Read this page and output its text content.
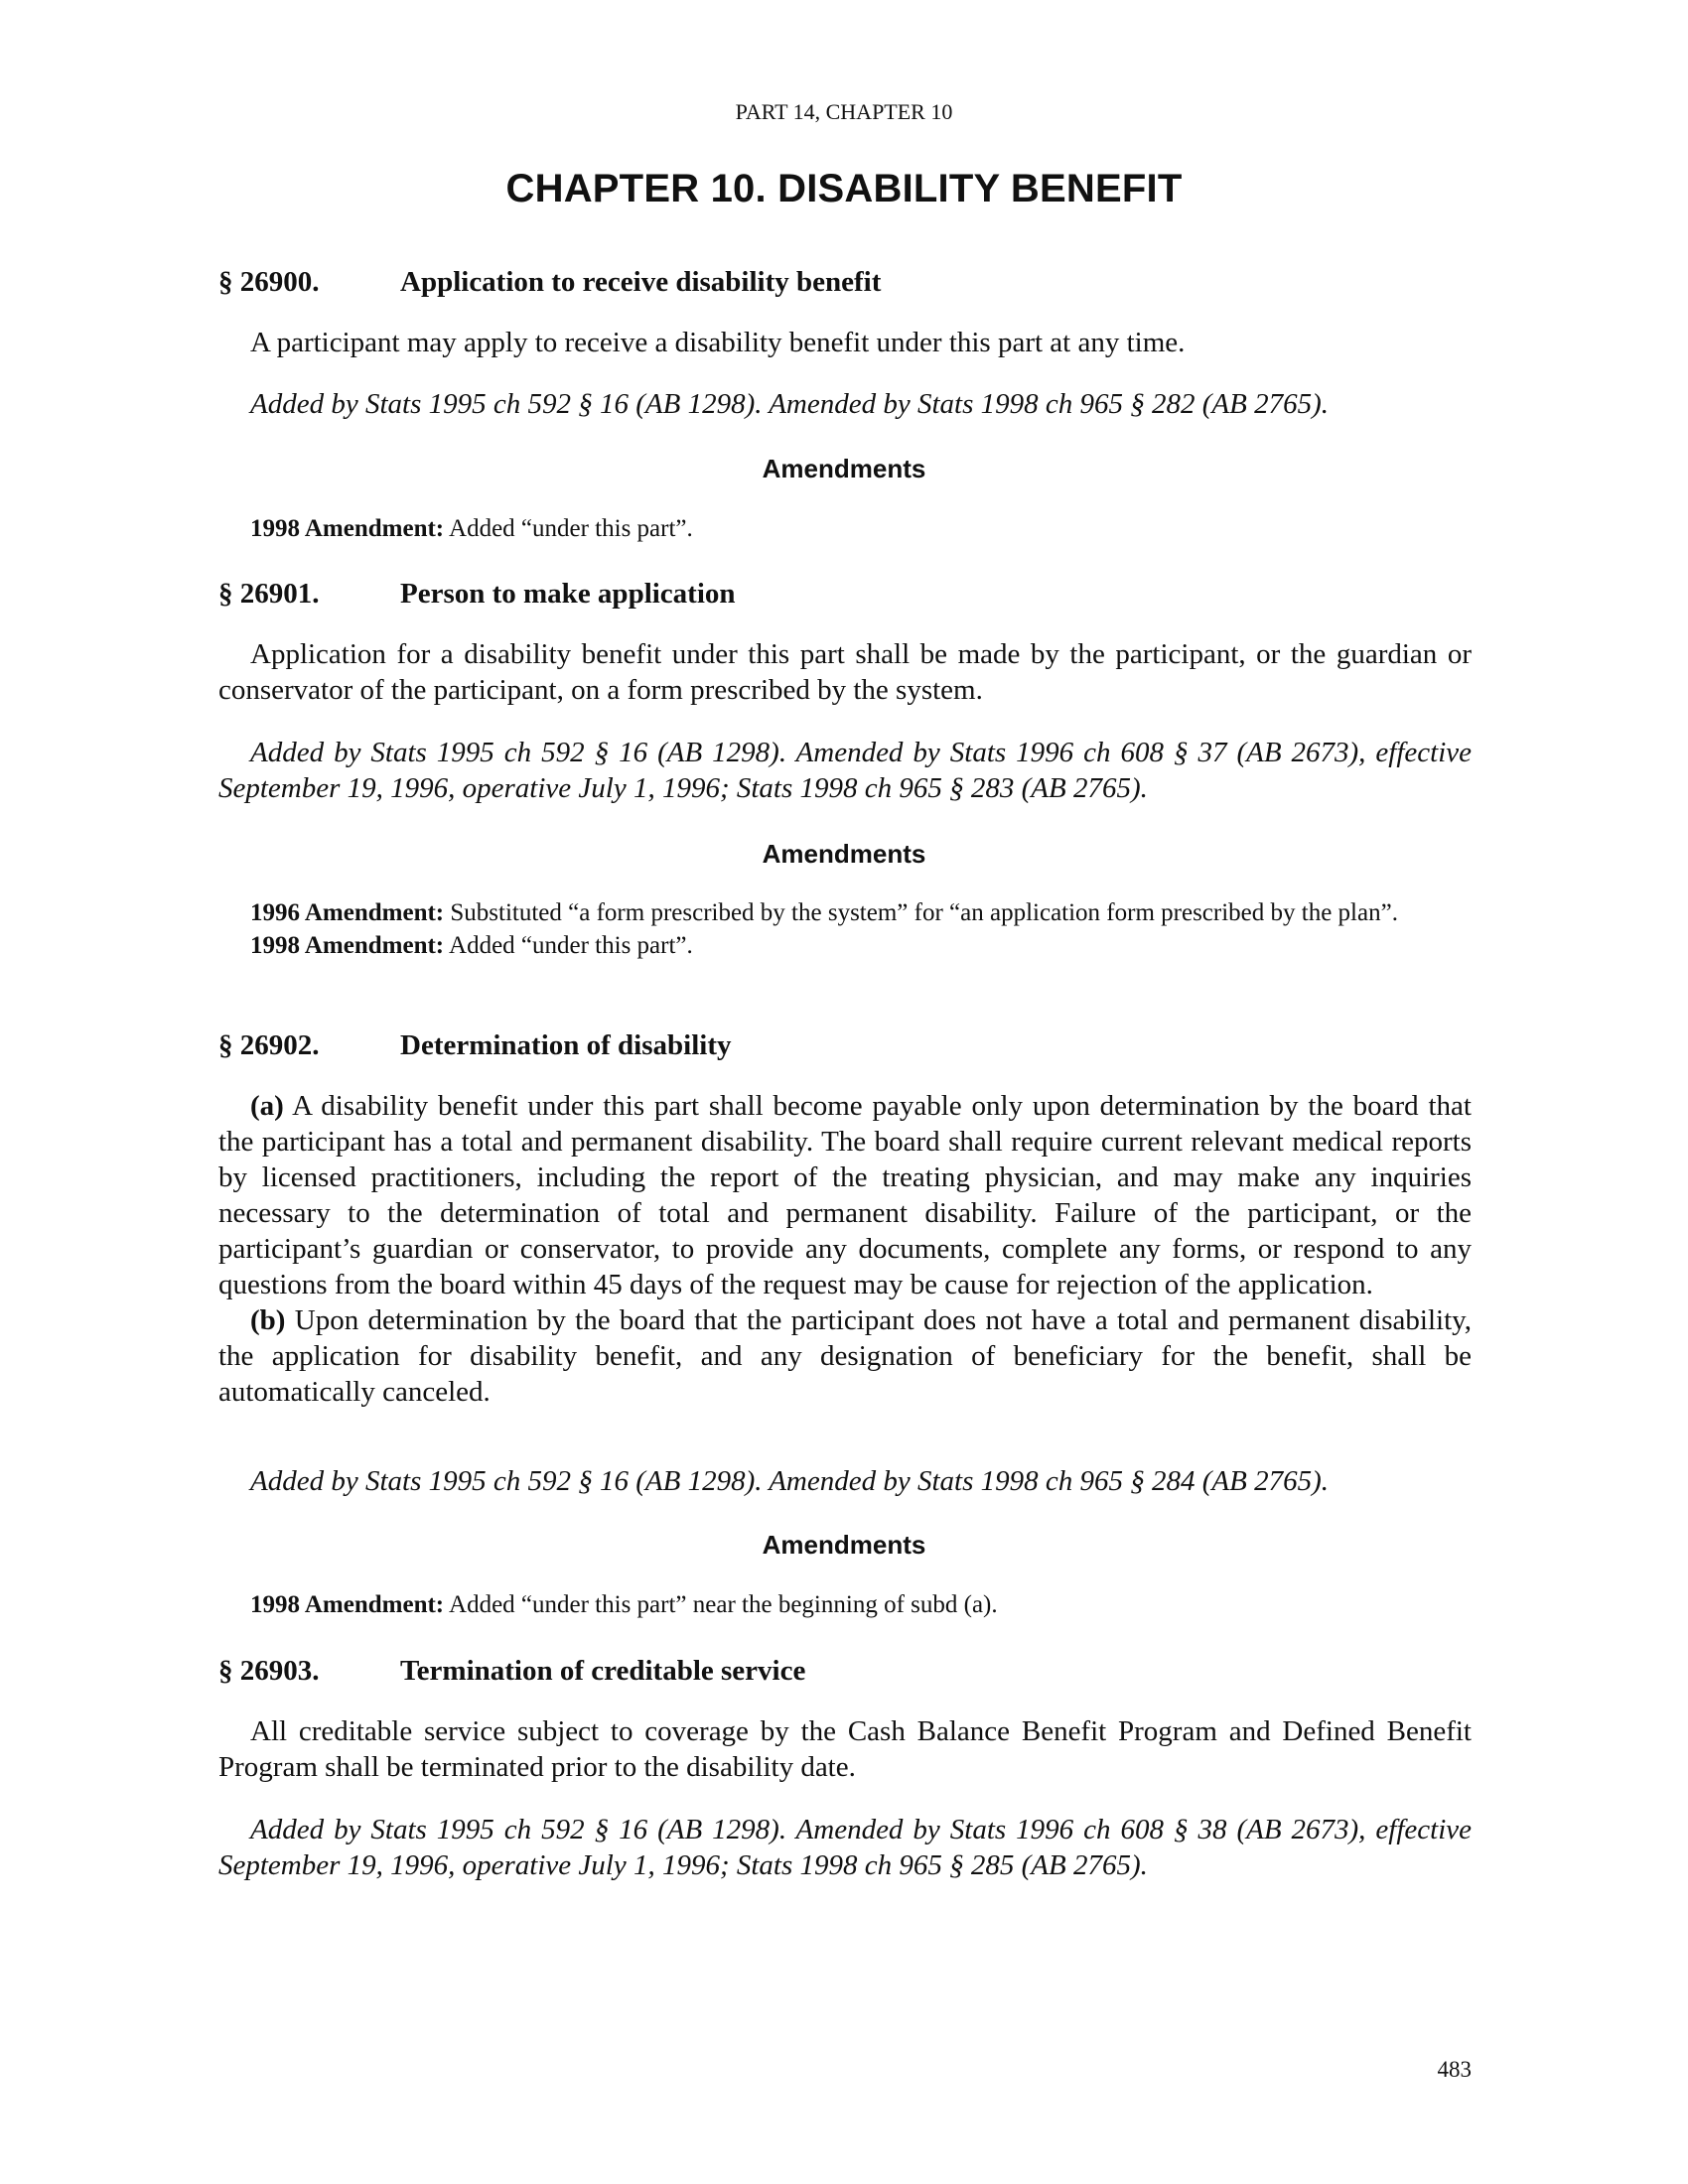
PART 14, CHAPTER 10
CHAPTER 10. DISABILITY BENEFIT
§ 26900.	Application to receive disability benefit
A participant may apply to receive a disability benefit under this part at any time.
Added by Stats 1995 ch 592 § 16 (AB 1298). Amended by Stats 1998 ch 965 § 282 (AB 2765).
Amendments

1998 Amendment: Added “under this part”.

§ 26901.	Person to make application
Application for a disability benefit under this part shall be made by the participant, or the guardian or conservator of the participant, on a form prescribed by the system.
Added by Stats 1995 ch 592 § 16 (AB 1298). Amended by Stats 1996 ch 608 § 37 (AB 2673), effective September 19, 1996, operative July 1, 1996; Stats 1998 ch 965 § 283 (AB 2765).
Amendments

1996 Amendment: Substituted “a form prescribed by the system” for “an application form prescribed by the plan”.

1998 Amendment: Added “under this part”.

§ 26902.	Determination of disability

(a) A disability benefit under this part shall become payable only upon determination by the board that the participant has a total and permanent disability. The board shall require current relevant medical reports by licensed practitioners, including the report of the treating physician, and may make any inquiries necessary to the determination of total and permanent disability. Failure of the participant, or the participant’s guardian or conservator, to provide any documents, complete any forms, or respond to any questions from the board within 45 days of the request may be cause for rejection of the application.

(b) Upon determination by the board that the participant does not have a total and permanent disability, the application for disability benefit, and any designation of beneficiary for the benefit, shall be automatically canceled.

Added by Stats 1995 ch 592 § 16 (AB 1298). Amended by Stats 1998 ch 965 § 284 (AB 2765).
Amendments

1998 Amendment: Added “under this part” near the beginning of subd (a).

§ 26903.	Termination of creditable service
All creditable service subject to coverage by the Cash Balance Benefit Program and Defined Benefit Program shall be terminated prior to the disability date.
Added by Stats 1995 ch 592 § 16 (AB 1298). Amended by Stats 1996 ch 608 § 38 (AB 2673), effective September 19, 1996, operative July 1, 1996; Stats 1998 ch 965 § 285 (AB 2765).
483
